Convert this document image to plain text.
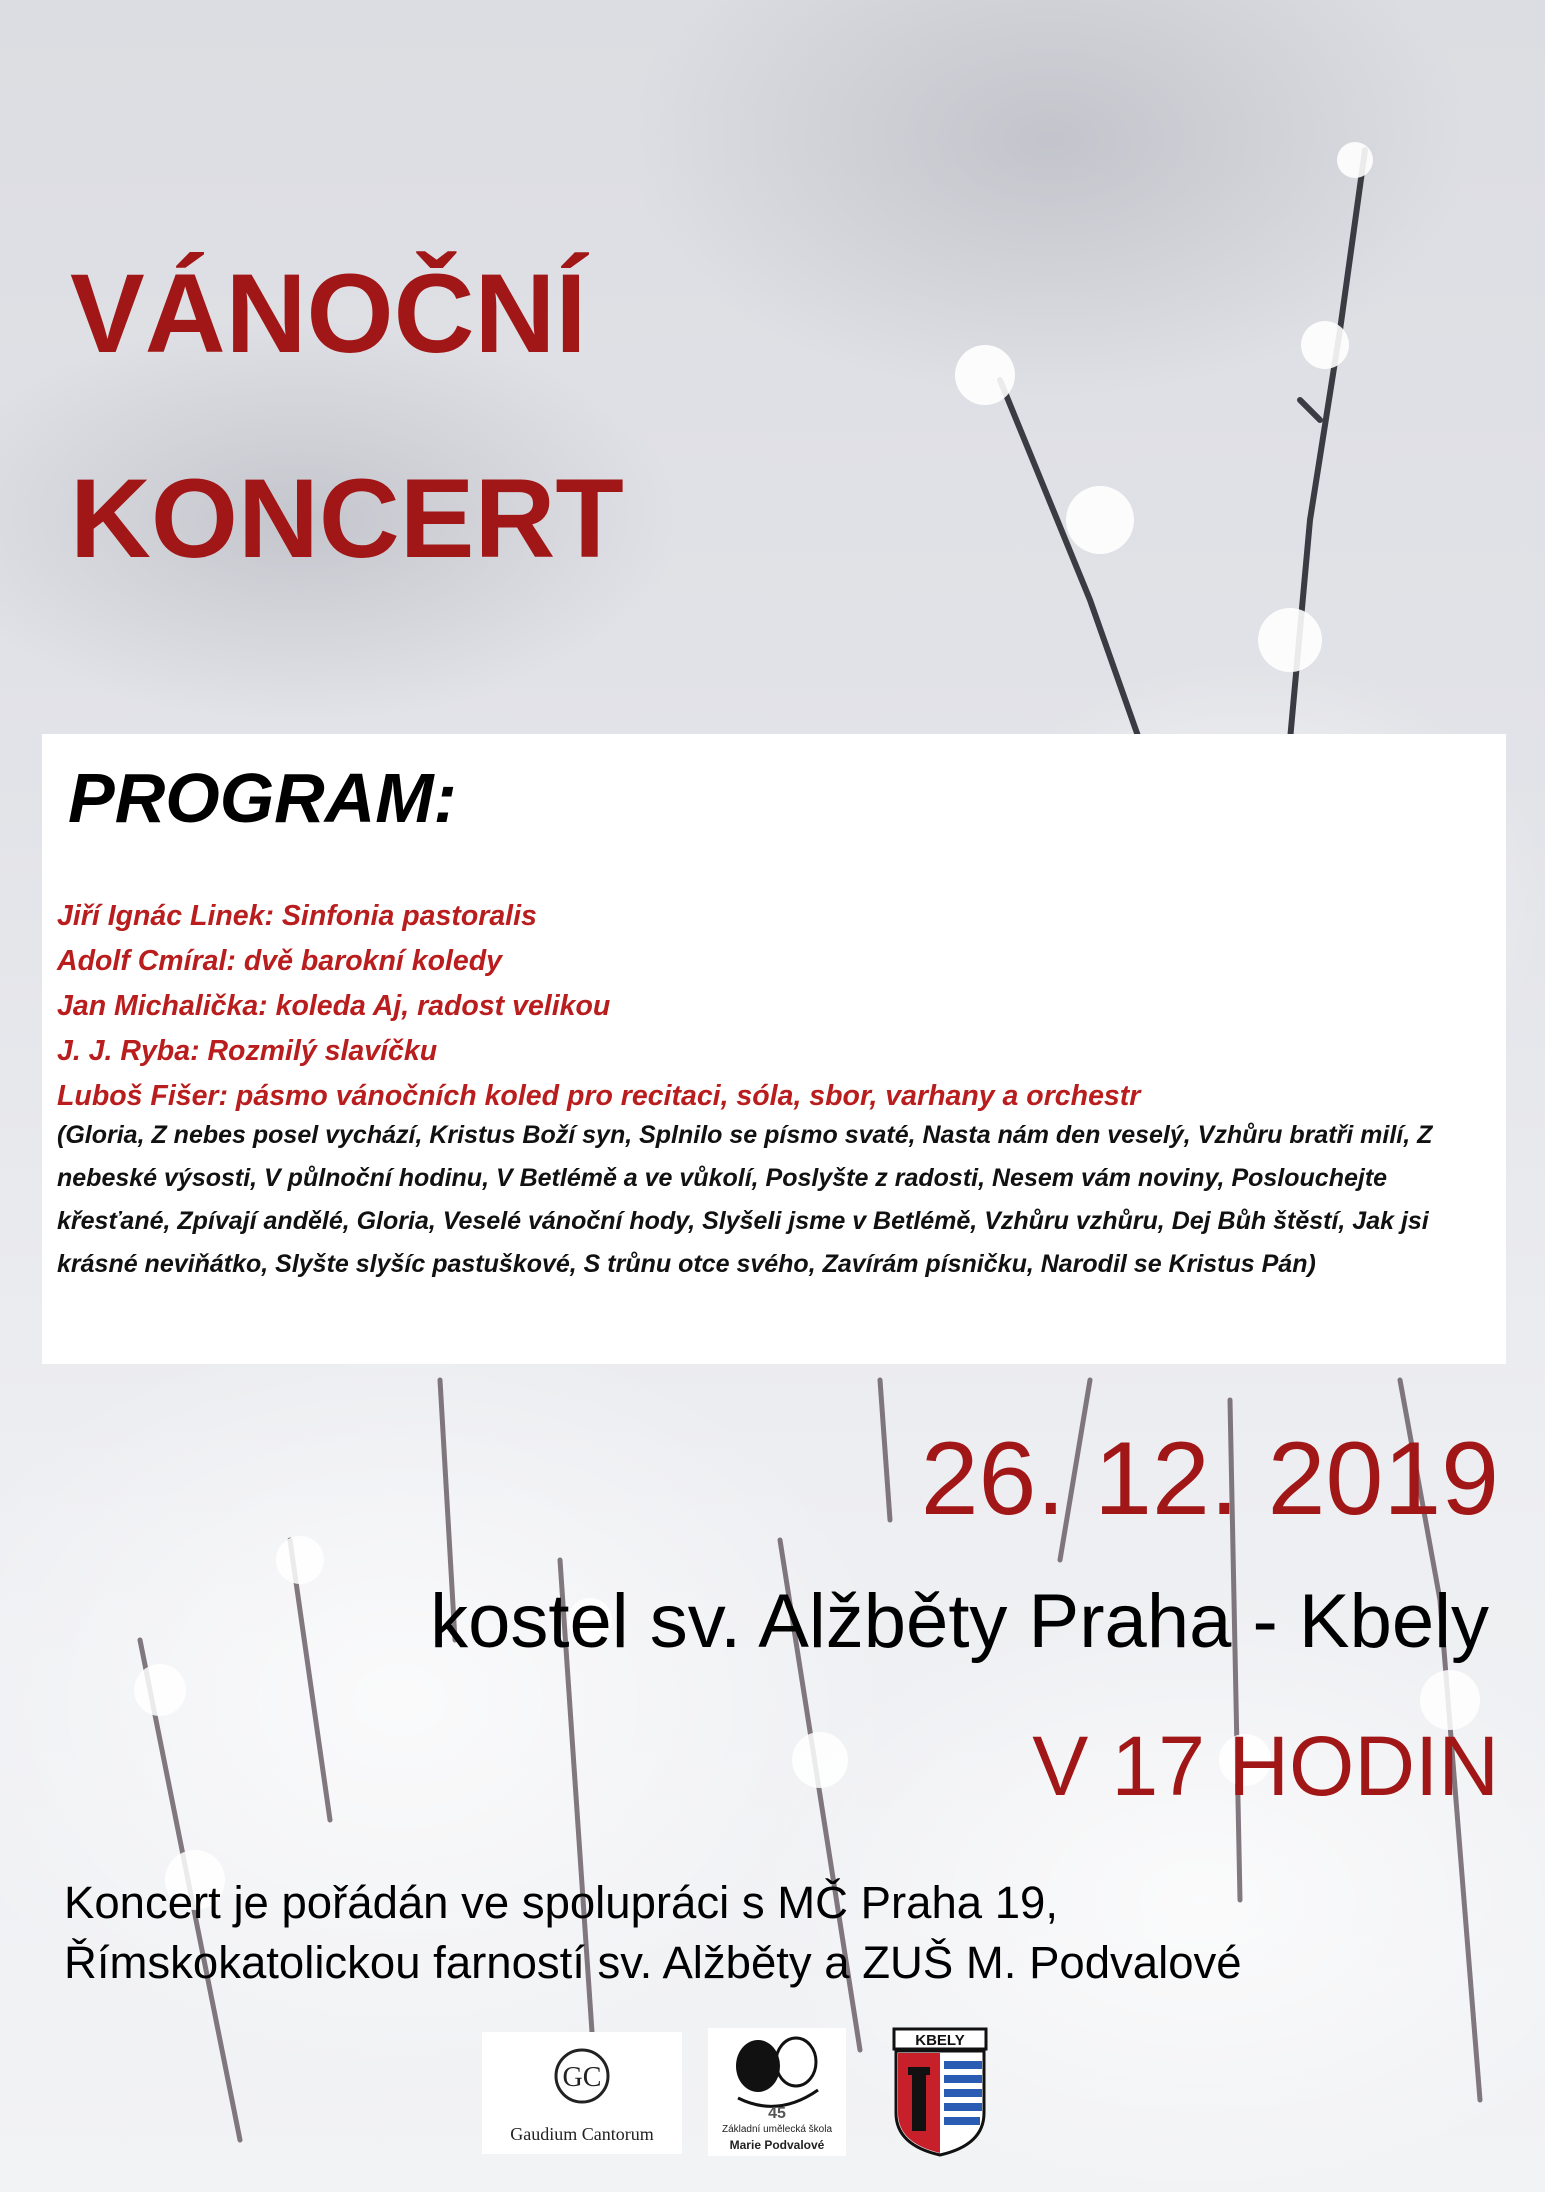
VÁNOČNÍ
KONCERT
PROGRAM:
Jiří Ignác Linek: Sinfonia pastoralis
Adolf Cmíral: dvě barokní koledy
Jan Michalička: koleda Aj, radost velikou
J. J. Ryba: Rozmilý slavíčku
Luboš Fišer: pásmo vánočních koled pro recitaci, sóla, sbor, varhany a orchestr
(Gloria, Z nebes posel vychází, Kristus Boží syn, Splnilo se písmo svaté, Nasta nám den veselý, Vzhůru bratři milí, Z nebeské výsosti, V půlnoční hodinu, V Betlémě a ve vůkolí, Poslyšte z radosti, Nesem vám noviny, Poslouchejte křesťané, Zpívají andělé, Gloria, Veselé vánoční hody, Slyšeli jsme v Betlémě, Vzhůru vzhůru, Dej Bůh štěstí, Jak jsi krásné neviňátko, Slyšte slyšíc pastuškové, S trůnu otce svého, Zavírám písničku, Narodil se Kristus Pán)
26. 12. 2019
kostel sv. Alžběty Praha - Kbely
V 17 HODIN
Koncert je pořádán ve spolupráci s MČ Praha 19,
Římskokatolickou farností sv. Alžběty a ZUŠ M. Podvalové
GC
Gaudium Cantorum
45
Základní umělecká škola
Marie Podvalové
KBELY
